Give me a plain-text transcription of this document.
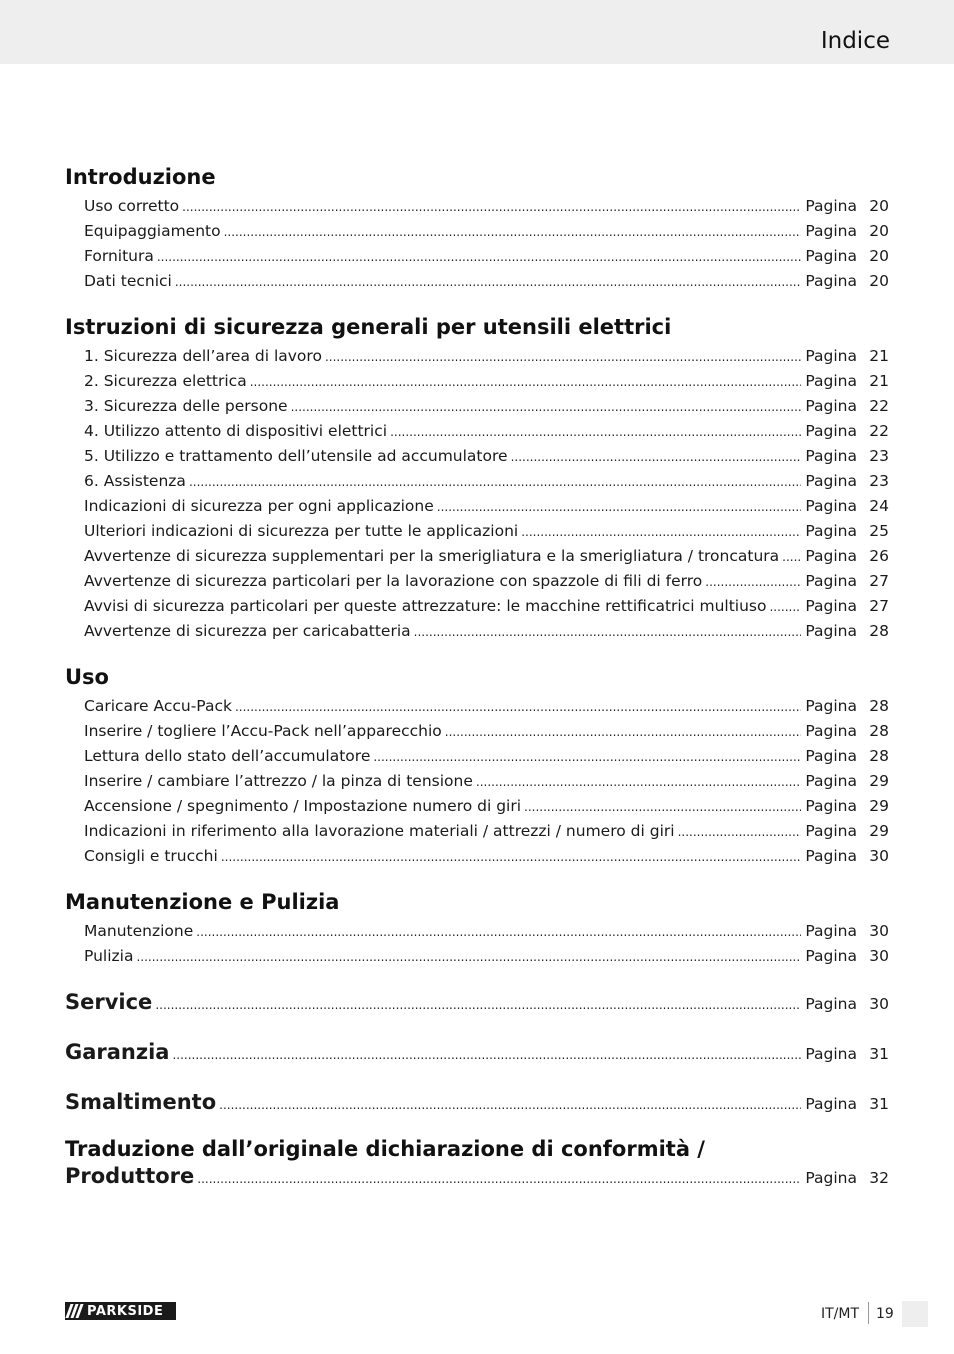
Indice
Introduzione
Uso corretto .....	Pagina 20
Equipaggiamento .....	Pagina 20
Fornitura .....	Pagina 20
Dati tecnici .....	Pagina 20
Istruzioni di sicurezza generali per utensili elettrici
1. Sicurezza dell’area di lavoro .....	Pagina 21
2. Sicurezza elettrica .....	Pagina 21
3. Sicurezza delle persone .....	Pagina 22
4. Utilizzo attento di dispositivi elettrici .....	Pagina 22
5. Utilizzo e trattamento dell’utensile ad accumulatore .....	Pagina 23
6. Assistenza .....	Pagina 23
Indicazioni di sicurezza per ogni applicazione .....	Pagina 24
Ulteriori indicazioni di sicurezza per tutte le applicazioni .....	Pagina 25
Avvertenze di sicurezza supplementari per la smerigliatura e la smerigliatura / troncatura ..... Pagina 26
Avvertenze di sicurezza particolari per la lavorazione con spazzole di fili di ferro .....	Pagina 27
Avvisi di sicurezza particolari per queste attrezzature: le macchine rettificatrici multiuso .....	Pagina 27
Avvertenze di sicurezza per caricabatteria .....	Pagina 28
Uso
Caricare Accu-Pack .....	Pagina 28
Inserire / togliere l’Accu-Pack nell’apparecchio .....	Pagina 28
Lettura dello stato dell’accumulatore .....	Pagina 28
Inserire / cambiare l’attrezzo / la pinza di tensione .....	Pagina 29
Accensione / spegnimento / Impostazione numero di giri .....	Pagina 29
Indicazioni in riferimento alla lavorazione materiali / attrezzi / numero di giri .....	Pagina 29
Consigli e trucchi .....	Pagina 30
Manutenzione e Pulizia
Manutenzione .....	Pagina 30
Pulizia .....	Pagina 30
Service .....	Pagina 30
Garanzia .....	Pagina 31
Smaltimento .....	Pagina 31
Traduzione dall’originale dichiarazione di conformità /
Produttore .....	Pagina 32
PARKSIDE	IT/MT 19
